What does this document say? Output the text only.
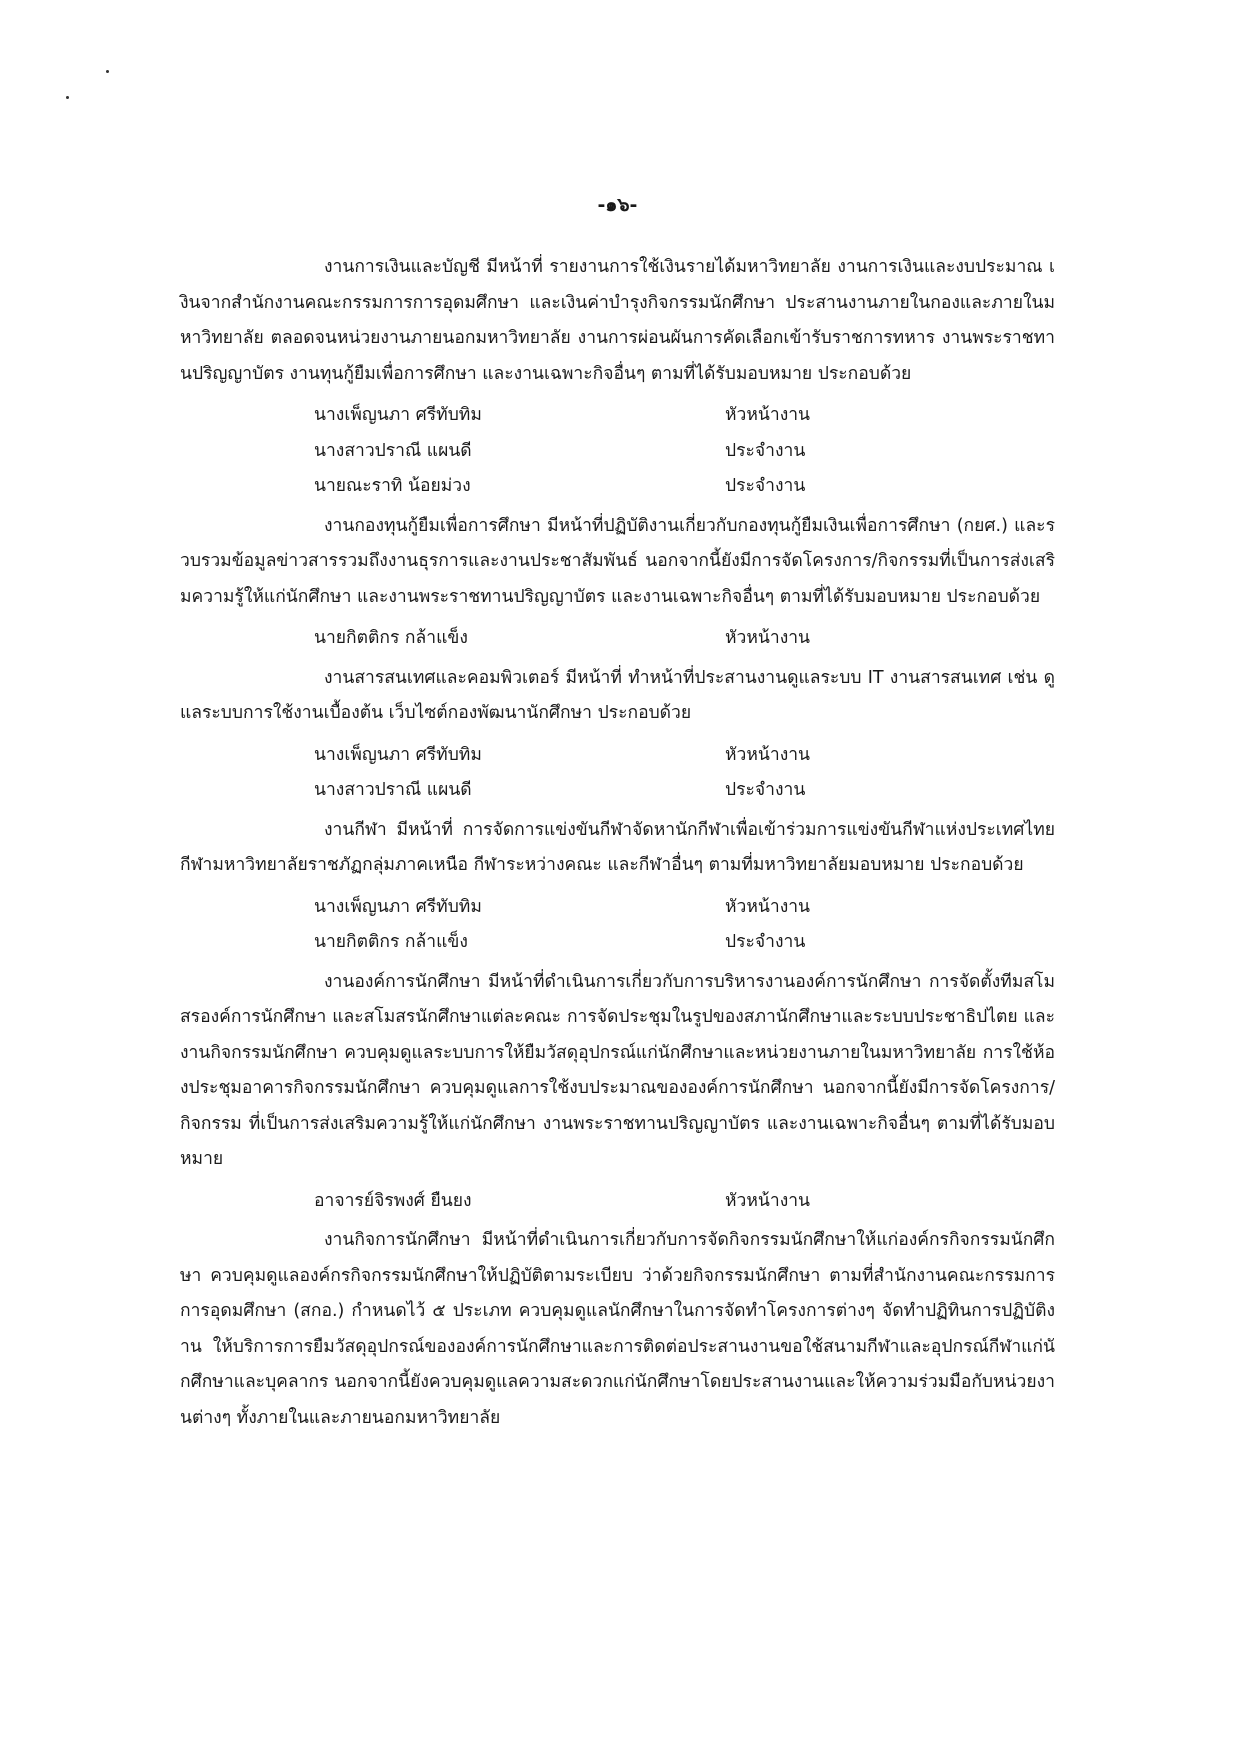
-๑๖-

งานการเงินและบัญชี มีหน้าที่ รายงานการใช้เงินรายได้มหาวิทยาลัย งานการเงินและงบประมาณ เงินจากสำนักงานคณะกรรมการการอุดมศึกษา และเงินค่าบำรุงกิจกรรมนักศึกษา ประสานงานภายในกองและภายในมหาวิทยาลัย ตลอดจนหน่วยงานภายนอกมหาวิทยาลัย งานการผ่อนผันการคัดเลือกเข้ารับราชการทหาร งานพระราชทานปริญญาบัตร งานทุนกู้ยืมเพื่อการศึกษา และงานเฉพาะกิจอื่นๆ ตามที่ได้รับมอบหมาย ประกอบด้วย

นางเพ็ญนภา ศรีทับทิม	หัวหน้างาน
นางสาวปราณี แผนดี	ประจำงาน
นายณะราทิ น้อยม่วง	ประจำงาน

งานกองทุนกู้ยืมเพื่อการศึกษา มีหน้าที่ปฏิบัติงานเกี่ยวกับกองทุนกู้ยืมเงินเพื่อการศึกษา (กยศ.) และรวบรวมข้อมูลข่าวสารรวมถึงงานธุรการและงานประชาสัมพันธ์ นอกจากนี้ยังมีการจัดโครงการ/กิจกรรมที่เป็นการส่งเสริมความรู้ให้แก่นักศึกษา และงานพระราชทานปริญญาบัตร และงานเฉพาะกิจอื่นๆ ตามที่ได้รับมอบหมาย ประกอบด้วย

นายกิตติกร กล้าแข็ง	หัวหน้างาน

งานสารสนเทศและคอมพิวเตอร์ มีหน้าที่ ทำหน้าที่ประสานงานดูแลระบบ IT งานสารสนเทศ เช่น ดูแลระบบการใช้งานเบื้องต้น เว็บไซต์กองพัฒนานักศึกษา ประกอบด้วย

นางเพ็ญนภา ศรีทับทิม	หัวหน้างาน
นางสาวปราณี แผนดี	ประจำงาน

งานกีฬา มีหน้าที่ การจัดการแข่งขันกีฬาจัดหานักกีฬาเพื่อเข้าร่วมการแข่งขันกีฬาแห่งประเทศไทย กีฬามหาวิทยาลัยราชภัฏกลุ่มภาคเหนือ กีฬาระหว่างคณะ และกีฬาอื่นๆ ตามที่มหาวิทยาลัยมอบหมาย ประกอบด้วย

นางเพ็ญนภา ศรีทับทิม	หัวหน้างาน
นายกิตติกร กล้าแข็ง	ประจำงาน

งานองค์การนักศึกษา มีหน้าที่ดำเนินการเกี่ยวกับการบริหารงานองค์การนักศึกษา การจัดตั้งทีมสโมสรองค์การนักศึกษา และสโมสรนักศึกษาแต่ละคณะ การจัดประชุมในรูปของสภานักศึกษาและระบบประชาธิปไตย และงานกิจกรรมนักศึกษา ควบคุมดูแลระบบการให้ยืมวัสดุอุปกรณ์แก่นักศึกษาและหน่วยงานภายในมหาวิทยาลัย การใช้ห้องประชุมอาคารกิจกรรมนักศึกษา ควบคุมดูแลการใช้งบประมาณขององค์การนักศึกษา นอกจากนี้ยังมีการจัดโครงการ/กิจกรรม ที่เป็นการส่งเสริมความรู้ให้แก่นักศึกษา งานพระราชทานปริญญาบัตร และงานเฉพาะกิจอื่นๆ ตามที่ได้รับมอบหมาย

อาจารย์จิรพงศ์ ยืนยง	หัวหน้างาน

งานกิจการนักศึกษา มีหน้าที่ดำเนินการเกี่ยวกับการจัดกิจกรรมนักศึกษาให้แก่องค์กรกิจกรรมนักศึกษา ควบคุมดูแลองค์กรกิจกรรมนักศึกษาให้ปฏิบัติตามระเบียบ ว่าด้วยกิจกรรมนักศึกษา ตามที่สำนักงานคณะกรรมการการอุดมศึกษา (สกอ.) กำหนดไว้ ๕ ประเภท ควบคุมดูแลนักศึกษาในการจัดทำโครงการต่างๆ จัดทำปฏิทินการปฏิบัติงาน ให้บริการการยืมวัสดุอุปกรณ์ขององค์การนักศึกษาและการติดต่อประสานงานขอใช้สนามกีฬาและอุปกรณ์กีฬาแก่นักศึกษาและบุคลากร นอกจากนี้ยังควบคุมดูแลความสะดวกแก่นักศึกษาโดยประสานงานและให้ความร่วมมือกับหน่วยงานต่างๆ ทั้งภายในและภายนอกมหาวิทยาลัย
